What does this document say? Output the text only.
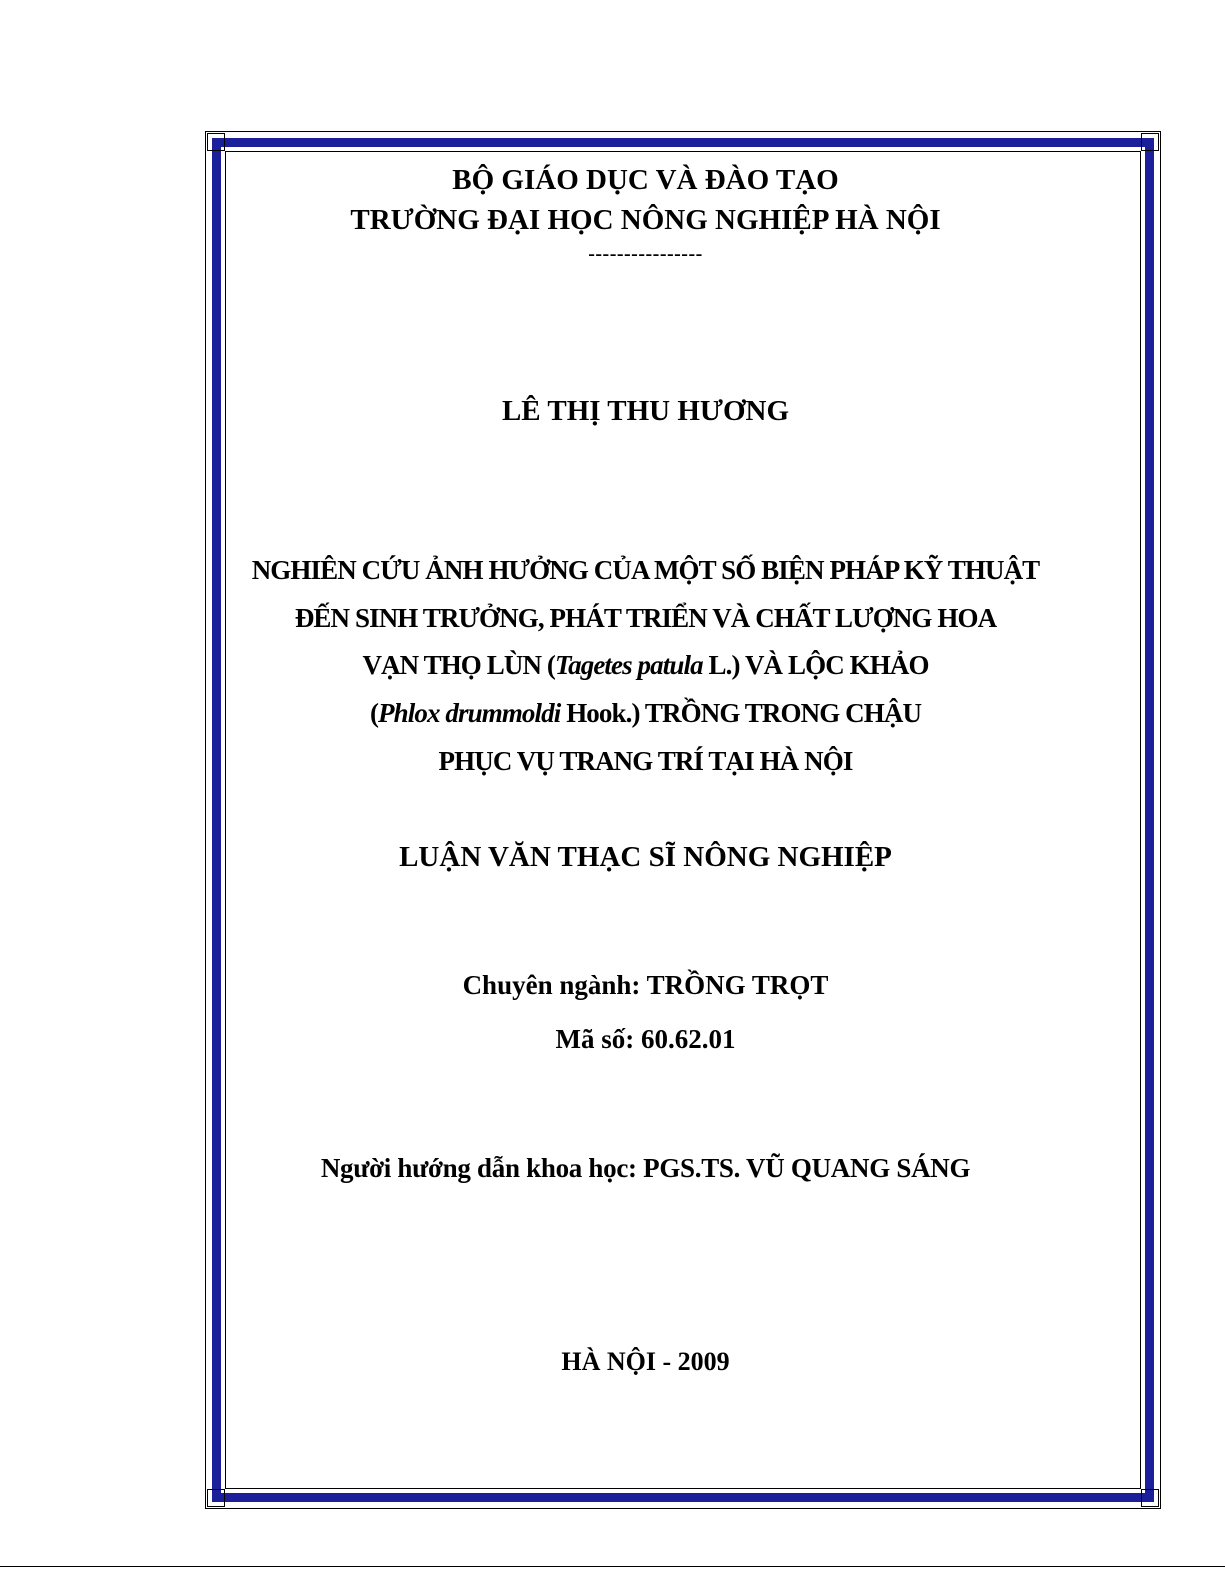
BỘ GIÁO DỤC VÀ ĐÀO TẠO
TRƯỜNG ĐẠI HỌC NÔNG NGHIỆP HÀ NỘI
----------------
LÊ THỊ THU HƯƠNG
NGHIÊN CỨU ẢNH HƯỞNG CỦA MỘT SỐ BIỆN PHÁP KỸ THUẬT
ĐẾN SINH TRƯỞNG, PHÁT TRIỂN VÀ CHẤT LƯỢNG HOA
VẠN THỌ LÙN (Tagetes patula L.) VÀ LỘC KHẢO
(Phlox drummoldi Hook.) TRỒNG TRONG CHẬU
PHỤC VỤ TRANG TRÍ TẠI HÀ NỘI
LUẬN VĂN THẠC SĨ NÔNG NGHIỆP
Chuyên ngành: TRỒNG TRỌT
Mã số: 60.62.01
Người hướng dẫn khoa học: PGS.TS. VŨ QUANG SÁNG
HÀ NỘI - 2009
